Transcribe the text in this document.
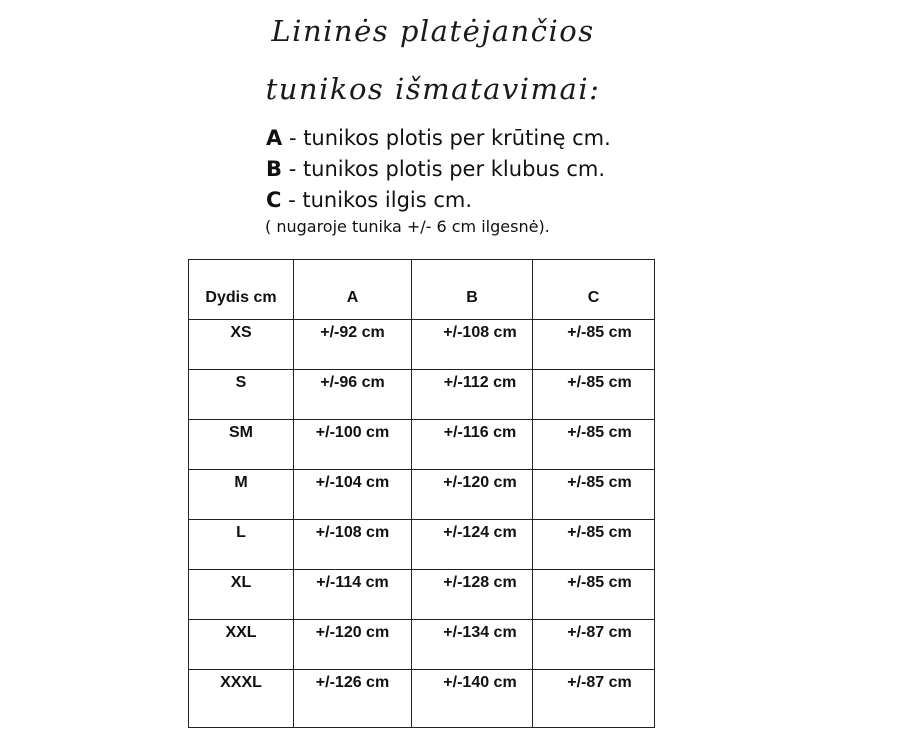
Lininės platėjančios
tunikos išmatavimai:
A - tunikos plotis per krūtinę cm.
B - tunikos plotis per klubus cm.
C - tunikos ilgis cm.
( nugaroje tunika +/- 6 cm ilgesnė).
Dydis cm	A	B	C
XS	+/-92 cm	+/-108 cm	+/-85 cm
S	+/-96 cm	+/-112 cm	+/-85 cm
SM	+/-100 cm	+/-116 cm	+/-85 cm
M	+/-104 cm	+/-120 cm	+/-85 cm
L	+/-108 cm	+/-124 cm	+/-85 cm
XL	+/-114 cm	+/-128 cm	+/-85 cm
XXL	+/-120 cm	+/-134 cm	+/-87 cm
XXXL	+/-126 cm	+/-140 cm	+/-87 cm
